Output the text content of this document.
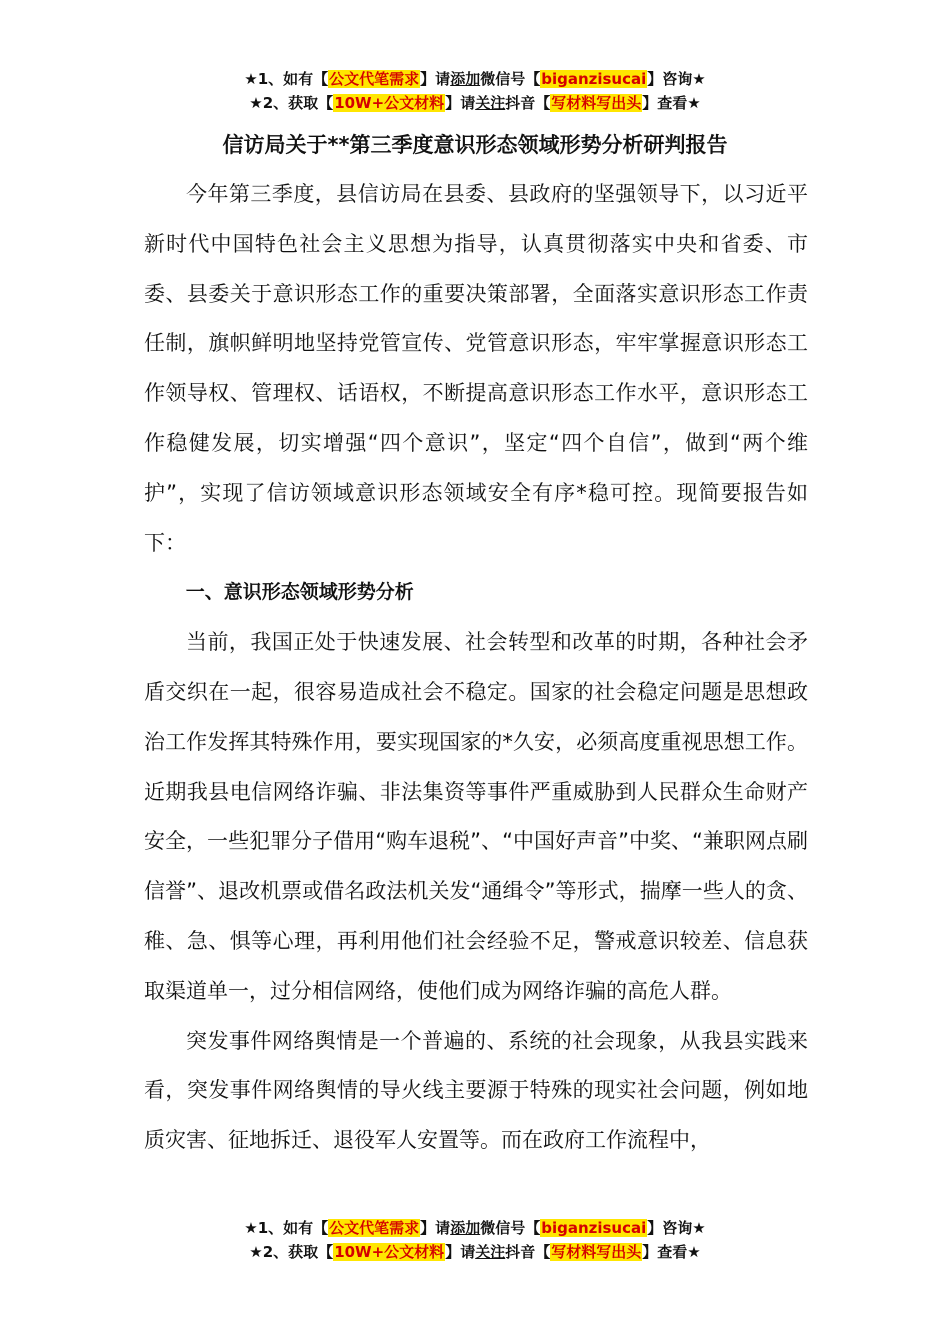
★1、如有【公文代笔需求】请添加微信号【biganzisucai】咨询★
★2、获取【10W+公文材料】请关注抖音【写材料写出头】查看★
信访局关于**第三季度意识形态领域形势分析研判报告

今年第三季度，县信访局在县委、县政府的坚强领导下，以习近平新时代中国特色社会主义思想为指导，认真贯彻落实中央和省委、市委、县委关于意识形态工作的重要决策部署，全面落实意识形态工作责任制，旗帜鲜明地坚持党管宣传、党管意识形态，牢牢掌握意识形态工作领导权、管理权、话语权，不断提高意识形态工作水平，意识形态工作稳健发展，切实增强“四个意识”，坚定“四个自信”，做到“两个维护”，实现了信访领域意识形态领域安全有序*稳可控。现简要报告如下：

一、意识形态领域形势分析

当前，我国正处于快速发展、社会转型和改革的时期，各种社会矛盾交织在一起，很容易造成社会不稳定。国家的社会稳定问题是思想政治工作发挥其特殊作用，要实现国家的*久安，必须高度重视思想工作。近期我县电信网络诈骗、非法集资等事件严重威胁到人民群众生命财产安全，一些犯罪分子借用“购车退税”、“中国好声音”中奖、“兼职网点刷信誉”、退改机票或借名政法机关发“通缉令”等形式，揣摩一些人的贪、稚、急、惧等心理，再利用他们社会经验不足，警戒意识较差、信息获取渠道单一，过分相信网络，使他们成为网络诈骗的高危人群。

突发事件网络舆情是一个普遍的、系统的社会现象，从我县实践来看，突发事件网络舆情的导火线主要源于特殊的现实社会问题，例如地质灾害、征地拆迁、退役军人安置等。而在政府工作流程中，

★1、如有【公文代笔需求】请添加微信号【biganzisucai】咨询★
★2、获取【10W+公文材料】请关注抖音【写材料写出头】查看★
